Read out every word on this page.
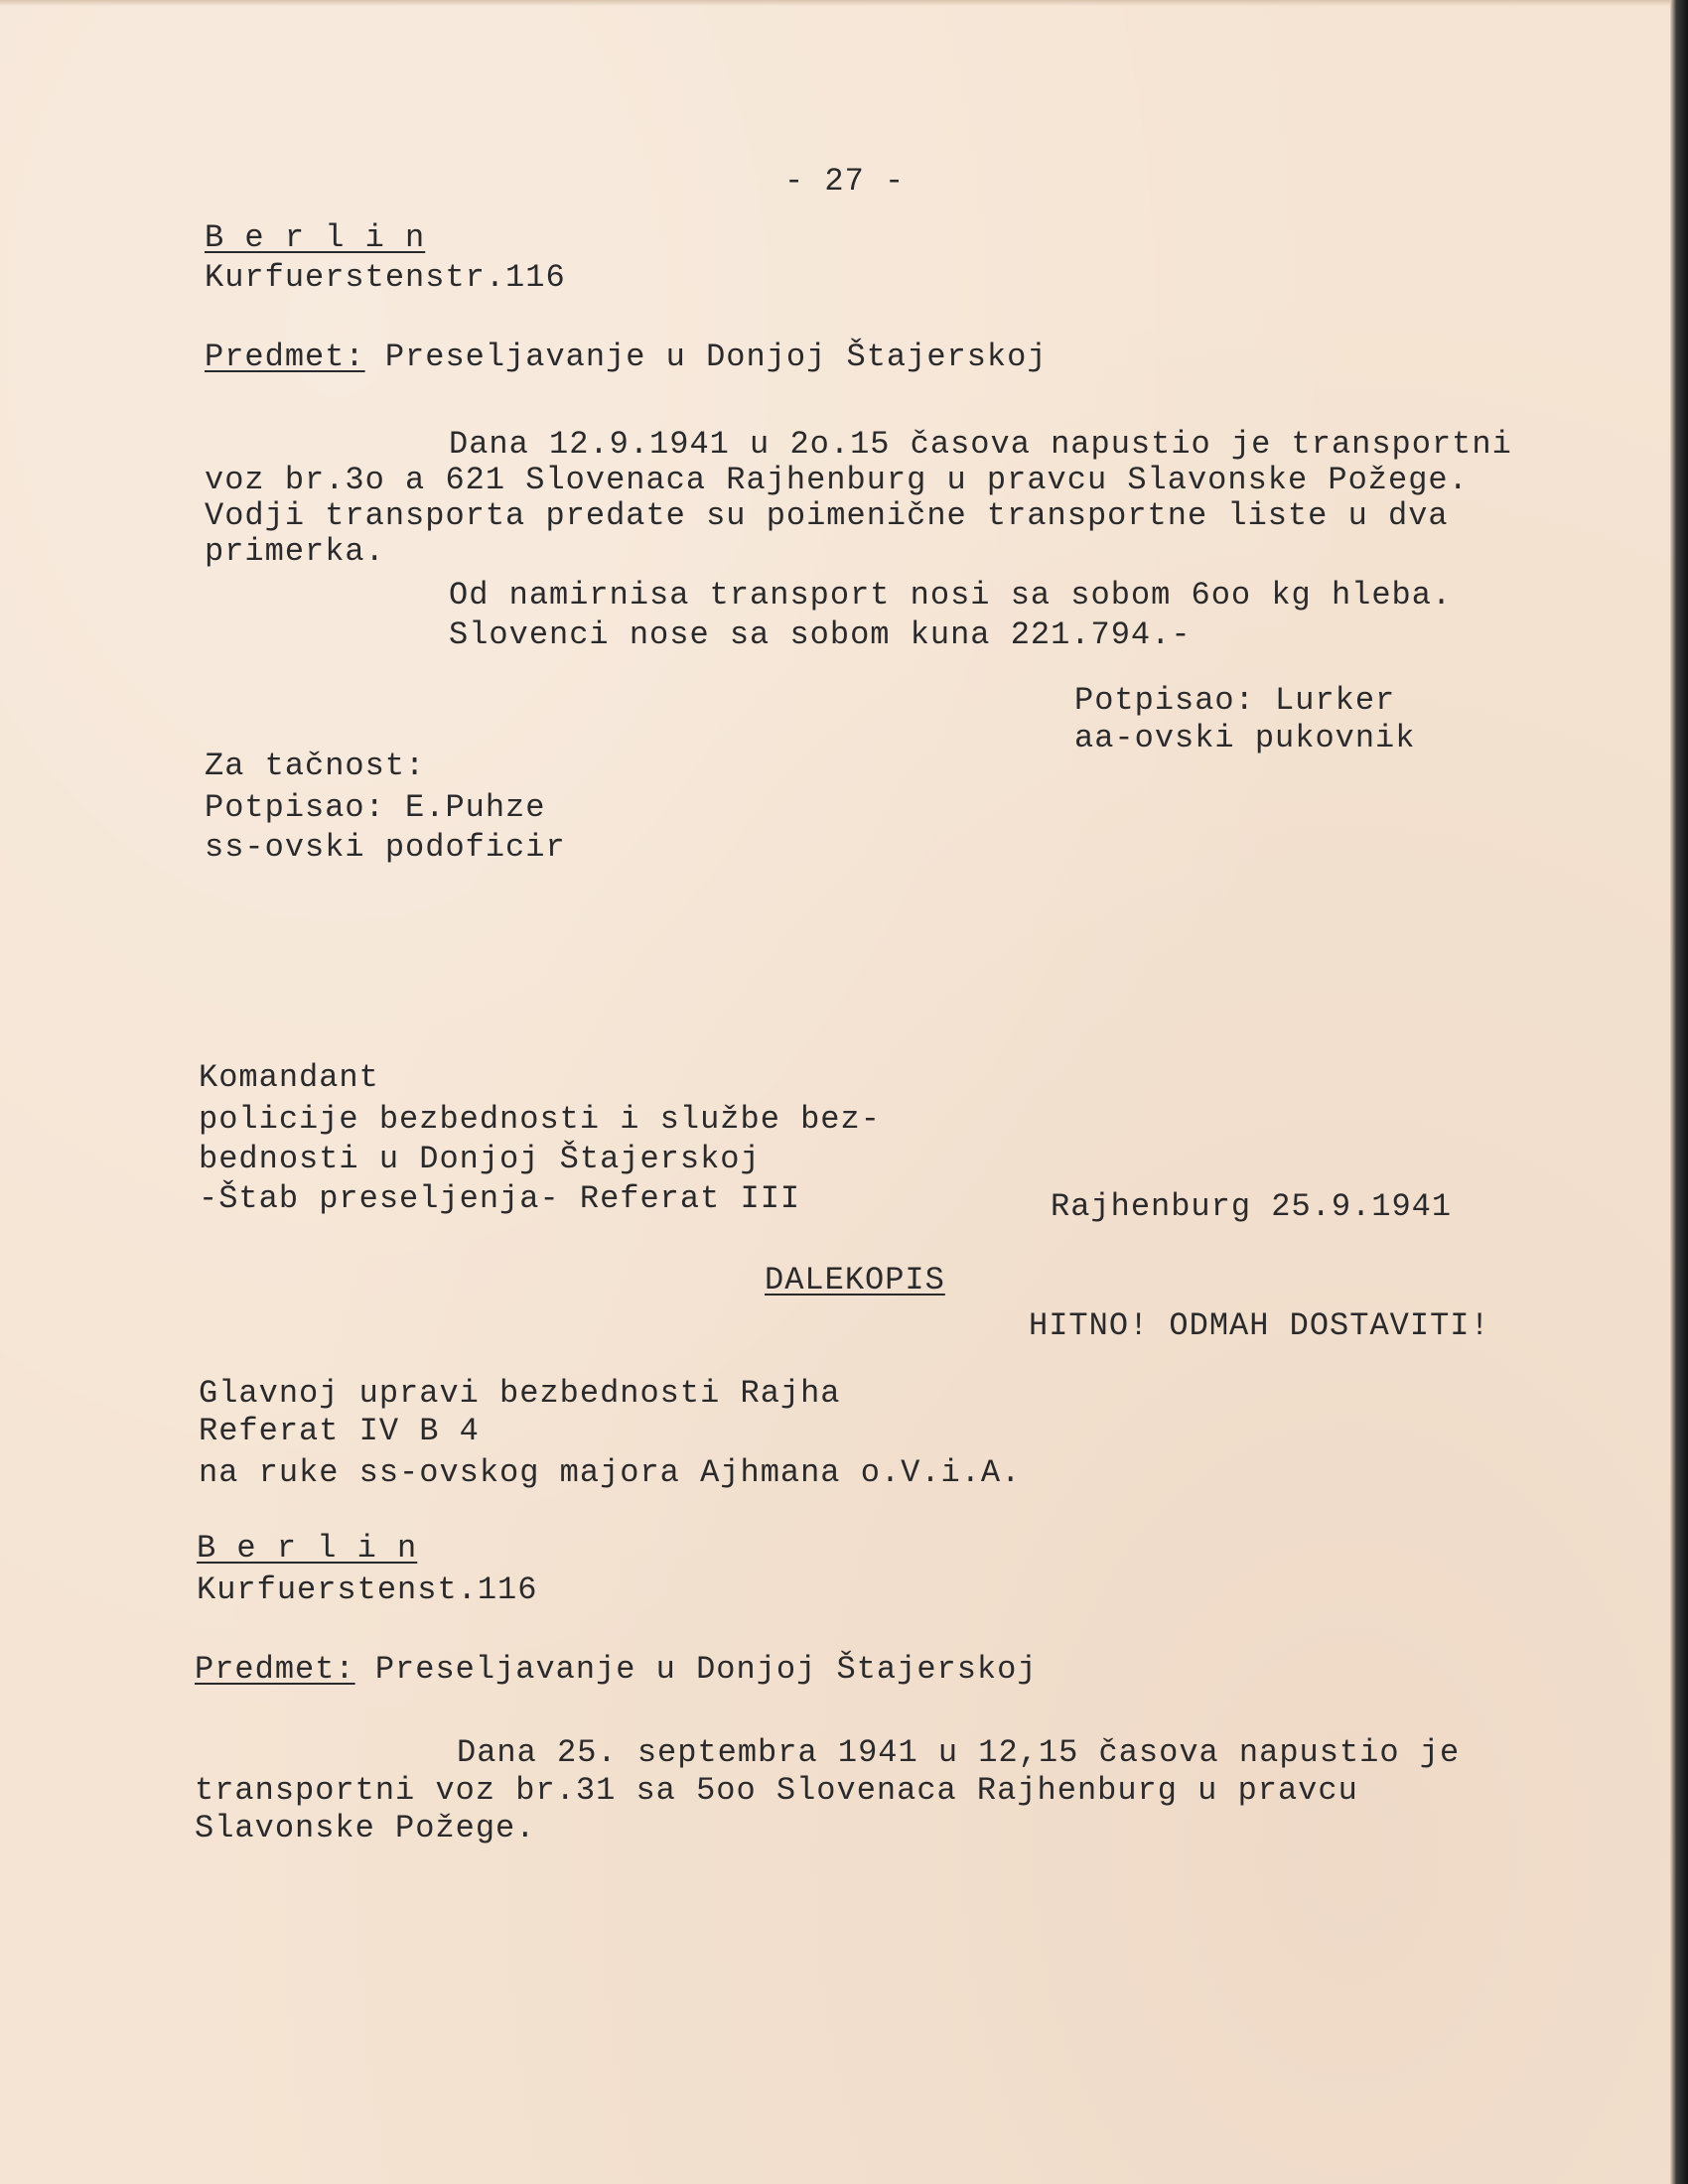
- 27 -
B e r l i n
Kurfuerstenstr.116
Predmet: Preseljavanje u Donjoj Štajerskoj
Dana 12.9.1941 u 2o.15 časova napustio je transportni
voz br.3o a 621 Slovenaca Rajhenburg u pravcu Slavonske Požege.
Vodji transporta predate su poimenične transportne liste u dva
primerka.
Od namirnisa transport nosi sa sobom 6oo kg hleba.
Slovenci nose sa sobom kuna 221.794.-
Potpisao: Lurker
aa-ovski pukovnik
Za tačnost:
Potpisao: E.Puhze
ss-ovski podoficir
Komandant
policije bezbednosti i službe bez-
bednosti u Donjoj Štajerskoj
-Štab preseljenja- Referat III	Rajhenburg 25.9.1941
DALEKOPIS
HITNO! ODMAH DOSTAVITI!
Glavnoj upravi bezbednosti Rajha
Referat IV B 4
na ruke ss-ovskog majora Ajhmana o.V.i.A.
B e r l i n
Kurfuerstenst.116
Predmet: Preseljavanje u Donjoj Štajerskoj
Dana 25. septembra 1941 u 12,15 časova napustio je
transportni voz br.31 sa 5oo Slovenaca Rajhenburg u pravcu
Slavonske Požege.
